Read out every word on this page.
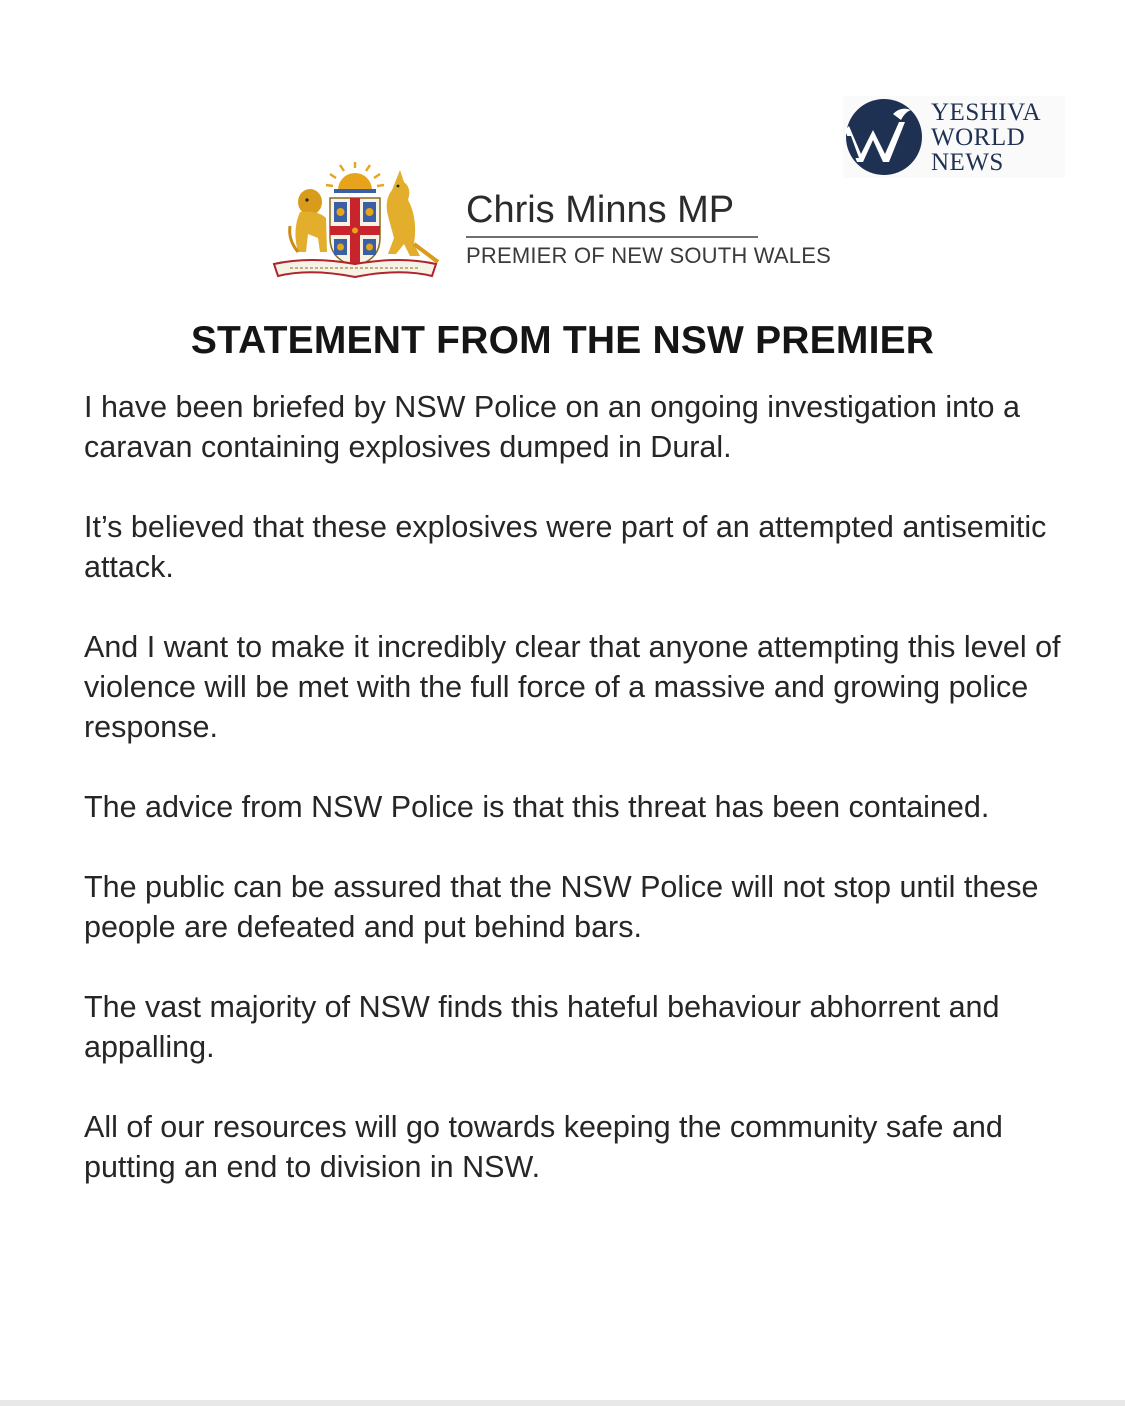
YESHIVA
WORLD
NEWS
Chris Minns MP
PREMIER OF NEW SOUTH WALES
STATEMENT FROM THE NSW PREMIER

I have been briefed by NSW Police on an ongoing investigation into a caravan containing explosives dumped in Dural.

It’s believed that these explosives were part of an attempted antisemitic attack.

And I want to make it incredibly clear that anyone attempting this level of violence will be met with the full force of a massive and growing police response.

The advice from NSW Police is that this threat has been contained.

The public can be assured that the NSW Police will not stop until these people are defeated and put behind bars.

The vast majority of NSW finds this hateful behaviour abhorrent and appalling.

All of our resources will go towards keeping the community safe and putting an end to division in NSW.
